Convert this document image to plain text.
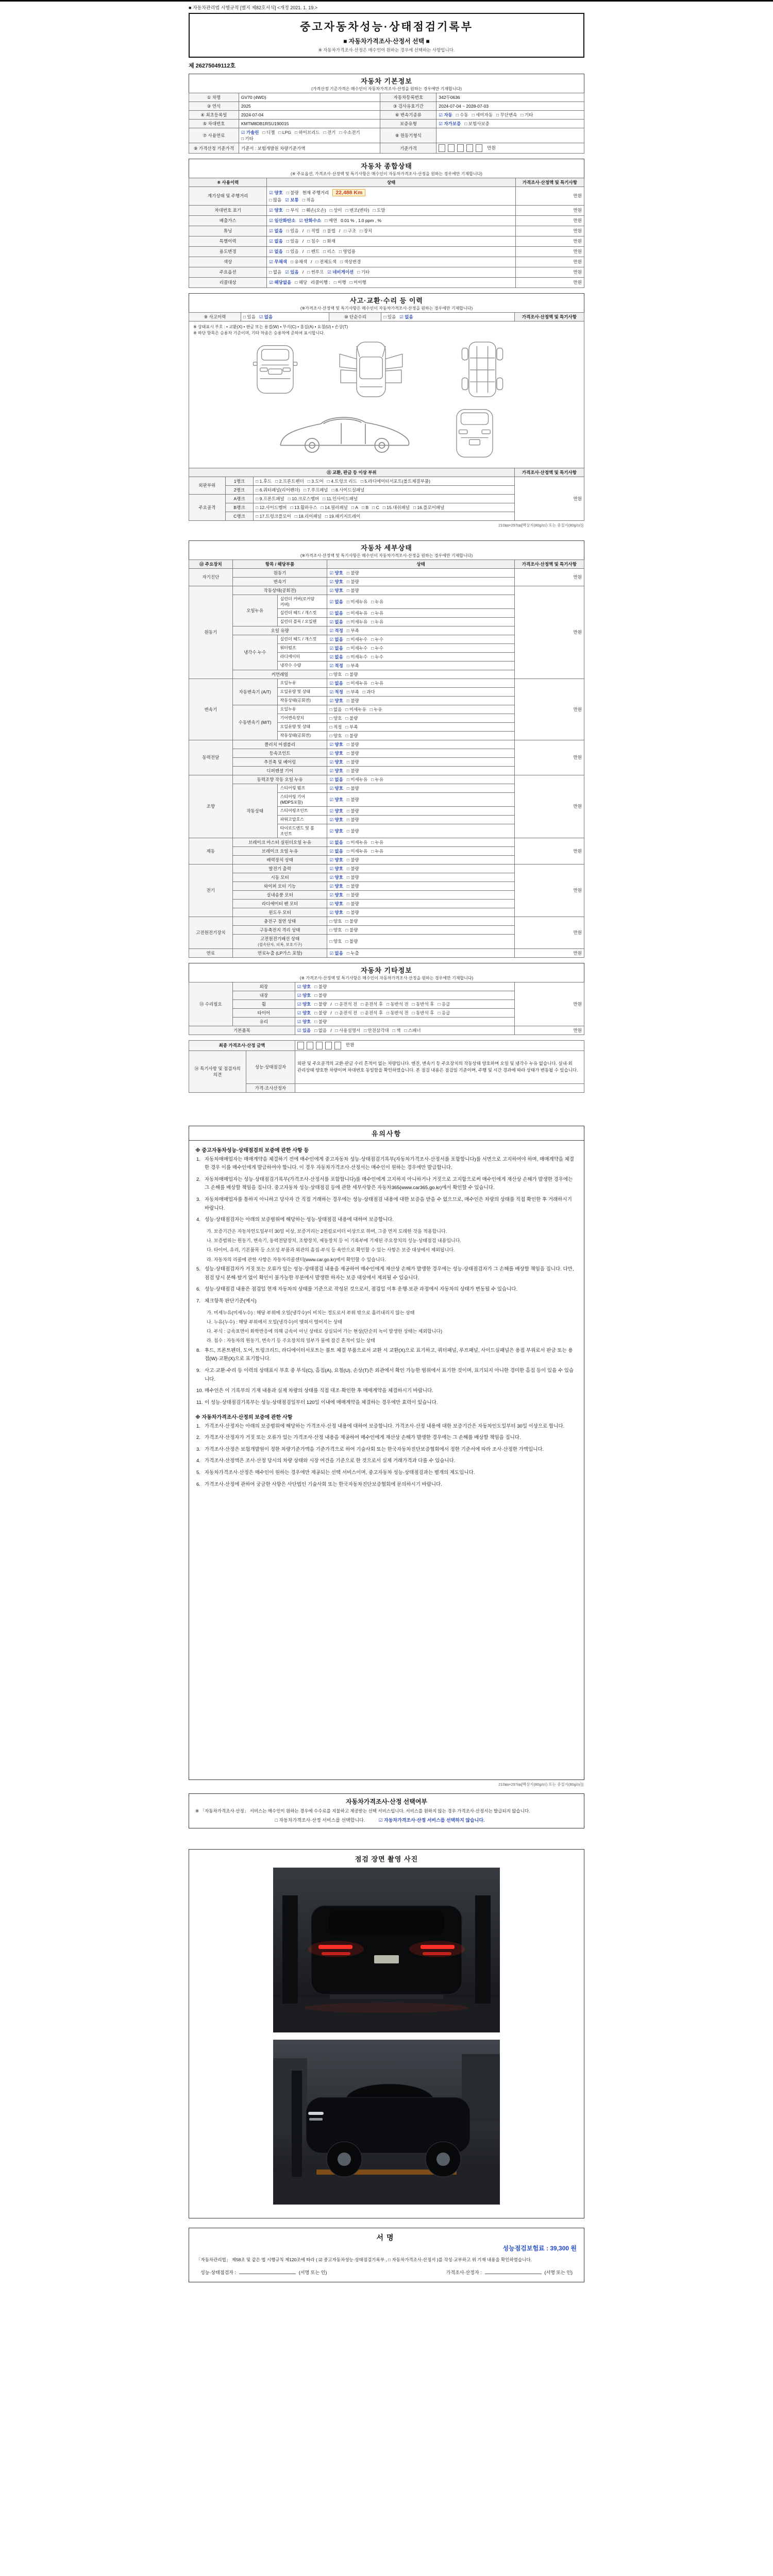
■ 자동차관리법 시행규칙 [별지 제82호서식] <개정 2021. 1. 19.>
중고자동차성능·상태점검기록부
■ 자동차가격조사·산정서 선택 ■
※ 자동차가격조사·산정은 매수인이 원하는 경우에 선택하는 사항입니다.
제 26275049112호
자동차 기본정보
(가격산정 기준가격은 매수인이 자동차가격조사·산정을 원하는 경우에만 기재합니다)
① 차명	GV70 (4WD)	자동차등록번호	342두0636
② 연식	2025	③ 검사유효기간	2024-07-04 ~ 2028-07-03
④ 최초등록일	2024-07-04	⑥ 변속기종류	☑ 자동 □ 수동 □ 세미자동 □ 무단변속 □ 기타
⑤ 차대번호	KMTM8DB1RSU190015	보증유형	☑ 자가보증 □ 보험사보증
⑦ 사용연료	☑ 가솔린 □ 디젤 □ LPG □ 하이브리드 □ 전기 □ 수소전기□ 기타	⑧ 원동기형식	
⑨ 가격산정 기준가격	기준서 : 보험개발원 차량기준가액	기준가격	만원
자동차 종합상태
(※ 주요옵션, 가격조사·산정액 및 특기사항은 매수인이 자동차가격조사·산정을 원하는 경우에만 기재합니다)
⑧ 사용이력	상태	가격조사·산정액 및 특기사항
계기상태 및 주행거리	☑ 양호 □ 불량 현재 주행거리 22,488 Km
□ 많음 ☑ 보통 □ 적음	만원
차대번호 표기	☑ 양호 □ 부식 □ 훼손(오손) □ 상이 □ 변조(변타) □ 도말	만원
배출가스	☑ 일산화탄소 ☑ 탄화수소 □ 매연 0.01 % , 1.0 ppm , %	만원
튜닝	☑ 없음 □ 있음 / □ 적법 □ 불법 / □ 구조 □ 장치	만원
특별이력	☑ 없음 □ 있음 / □ 침수 □ 화재	만원
용도변경	☑ 없음 □ 있음 / □ 렌트 □ 리스 □ 영업용	만원
색상	☑ 무채색 □ 유채색 / □ 전체도색 □ 색상변경	만원
주요옵션	□ 없음 ☑ 있음 / □ 썬루프 ☑ 네비게이션 □ 기타	만원
리콜대상	☑ 해당없음 □ 해당 리콜이행 : □ 이행 □ 미이행	만원
사고·교환·수리 등 이력
(※가격조사·산정액 및 특기사항은 매수인이 자동차가격조사·산정을 원하는 경우에만 기재합니다)
⑨ 사고이력	□ 있음 ☑ 없음	⑩ 단순수리	□ 있음 ☑ 없음	가격조사·산정액 및 특기사항
※ 상태표시 부호 : • 교환(X) • 판금 또는 용접(W) • 부식(C) • 흠집(A) • 요철(U) • 손상(T)
※ 하단 항목은 승용차 기준이며, 기타 차종은 승용차에 준하여 표시합니다.
⑪ 교환, 판금 등 이상 부위			가격조사·산정액 및 특기사항
외판부위	1랭크	□ 1.후드 □ 2.프론트펜더 □ 3.도어 □ 4.트렁크 리드 □ 5.라디에이터서포트(볼트체결부품)	만원
	2랭크	□ 6.쿼터패널(리어펜더) □ 7.루프패널 □ 8.사이드실패널	
주요골격	A랭크	□ 9.프론트패널 □ 10.크로스멤버 □ 11.인사이드패널	
	B랭크	□ 12.사이드멤버 □ 13.휠하우스 □ 14.필러패널 □ A □ B □ C □ 15.대쉬패널 □ 16.플로어패널	
	C랭크	□ 17.트렁크플로어 □ 18.리어패널 □ 19.패키지트레이	
210㎜×297㎜[백상지(80g/㎡) 또는 중질지(80g/㎡)]
자동차 세부상태
(※가격조사·산정액 및 특기사항은 매수인이 자동차가격조사·산정을 원하는 경우에만 기재합니다)
⑫ 주요장치	항목 / 해당부품		상태	가격조사·산정액 및 특기사항
자기진단	원동기		☑ 양호 □ 불량	만원
	변속기		☑ 양호 □ 불량	
원동기	작동상태(공회전)		☑ 양호 □ 불량	만원
	오일누유	실린더 커버(로커암 커버)	☑ 없음 □ 미세누유 □ 누유	
		실린더 헤드 / 개스킷	☑ 없음 □ 미세누유 □ 누유	
		실린더 블록 / 오일팬	☑ 없음 □ 미세누유 □ 누유	
	오일 유량		☑ 적정 □ 부족	
	냉각수 누수	실린더 헤드 / 개스킷	☑ 없음 □ 미세누수 □ 누수	
		워터펌프	☑ 없음 □ 미세누수 □ 누수	
		라디에이터	☑ 없음 □ 미세누수 □ 누수	
		냉각수 수량	☑ 적정 □ 부족	
	커먼레일		□ 양호 □ 불량	
변속기	자동변속기 (A/T)	오일누유	☑ 없음 □ 미세누유 □ 누유	만원
		오일유량 및 상태	☑ 적정 □ 부족 □ 과다	
		작동상태(공회전)	☑ 양호 □ 불량	
	수동변속기 (M/T)	오일누유	□ 없음 □ 미세누유 □ 누유	
		기어변속장치	□ 양호 □ 불량	
		오일유량 및 상태	□ 적정 □ 부족	
		작동상태(공회전)	□ 양호 □ 불량	
동력전달	클러치 어셈블리		☑ 양호 □ 불량	만원
	등속조인트		☑ 양호 □ 불량	
	추진축 및 베어링		☑ 양호 □ 불량	
	디퍼렌셜 기어		☑ 양호 □ 불량	
조향	동력조향 작동 오일 누유		☑ 없음 □ 미세누유 □ 누유	만원
	작동상태	스티어링 펌프	☑ 양호 □ 불량	
		스티어링 기어(MDPS포함)	☑ 양호 □ 불량	
		스티어링조인트	☑ 양호 □ 불량	
		파워고압호스	☑ 양호 □ 불량	
		타이로드엔드 및 볼 조인트	☑ 양호 □ 불량	
제동	브레이크 마스터 실린더오일 누유		☑ 없음 □ 미세누유 □ 누유	만원
	브레이크 오일 누유		☑ 없음 □ 미세누유 □ 누유	
	배력장치 상태		☑ 양호 □ 불량	
전기	발전기 출력		☑ 양호 □ 불량	만원
	시동 모터		☑ 양호 □ 불량	
	와이퍼 모터 기능		☑ 양호 □ 불량	
	실내송풍 모터		☑ 양호 □ 불량	
	라디에이터 팬 모터		☑ 양호 □ 불량	
	윈도우 모터		☑ 양호 □ 불량	
고전원전기장치	충전구 절연 상태		□ 양호 □ 불량	만원
	구동축전지 격리 상태		□ 양호 □ 불량	
	고전원전기배선 상태
(접속단자, 피복, 보호기구)		□ 양호 □ 불량	
연료	연료누출 (LP가스 포함)		☑ 없음 □ 누출	만원
자동차 기타정보
(※ 가격조사·산정액 및 특기사항은 매수인이 자동차가격조사·산정을 원하는 경우에만 기재합니다)
⑬ 수리필요	외장	☑ 양호 □ 불량	만원
	내장	☑ 양호 □ 불량	
	휠	☑ 양호 □ 불량 / □ 운전석 전 □ 운전석 후 □ 동반석 전 □ 동반석 후 □ 응급	
	타이어	☑ 양호 □ 불량 / □ 운전석 전 □ 운전석 후 □ 동반석 전 □ 동반석 후 □ 응급	
	유리	☑ 양호 □ 불량	
기본품목		☑ 있음 □ 없음 / □ 사용설명서 □ 안전삼각대 □ 잭 □ 스패너	만원
최종 가격조사·산정 금액	만원
⑭ 특기사항 및 점검자의 의견	성능·상태점검자	외판 및 주요골격의 교환·판금 수리 흔적이 없는 차량입니다. 엔진, 변속기 등 주요장치의 작동상태 양호하며 오일 및 냉각수 누유 없습니다. 실내·외 관리상태 양호한 차량이며 차대번호 동일함을 확인하였습니다. 본 점검 내용은 점검일 기준이며, 주행 및 시간 경과에 따라 상태가 변동될 수 있습니다.
	가격·조사산정자	
유의사항
※ 중고자동차성능·상태점검의 보증에 관한 사항 등
1. 자동차매매업자는 매매계약을 체결하기 전에 매수인에게 중고자동차 성능·상태점검기록부(자동차가격조사·산정서를 포함합니다)를 서면으로 고지하여야 하며, 매매계약을 체결한 경우 이를 매수인에게 발급하여야 합니다. 이 경우 자동차가격조사·산정서는 매수인이 원하는 경우에만 발급합니다.
2. 자동차매매업자는 성능·상태점검기록부(가격조사·산정서를 포함합니다)를 매수인에게 고지하지 아니하거나 거짓으로 고지함으로써 매수인에게 재산상 손해가 발생한 경우에는 그 손해를 배상할 책임을 집니다. 중고자동차 성능·상태점검 등에 관한 세부사항은 자동차365(www.car365.go.kr)에서 확인할 수 있습니다.
3. 자동차매매업자를 통하지 아니하고 당사자 간 직접 거래하는 경우에는 성능·상태점검 내용에 대한 보증을 받을 수 없으므로, 매수인은 차량의 상태를 직접 확인한 후 거래하시기 바랍니다.
4. 성능·상태점검자는 아래의 보증범위에 해당하는 성능·상태점검 내용에 대하여 보증합니다.
가. 보증기간은 자동차인도일부터 30일 이상, 보증거리는 2천킬로미터 이상으로 하며, 그중 먼저 도래한 것을 적용합니다.
나. 보증범위는 원동기, 변속기, 동력전달장치, 조향장치, 제동장치 등 이 기록부에 기재된 주요장치의 성능·상태점검 내용입니다.
다. 타이어, 유리, 기본품목 등 소모성 부품과 외관의 흠집·부식 등 육안으로 확인할 수 있는 사항은 보증 대상에서 제외됩니다.
라. 자동차의 리콜에 관한 사항은 자동차리콜센터(www.car.go.kr)에서 확인할 수 있습니다.
5. 성능·상태점검자가 거짓 또는 오류가 있는 성능·상태점검 내용을 제공하여 매수인에게 재산상 손해가 발생한 경우에는 성능·상태점검자가 그 손해를 배상할 책임을 집니다. 다만, 점검 당시 분해·탈거 없이 확인이 불가능한 부분에서 발생한 하자는 보증 대상에서 제외될 수 있습니다.
6. 성능·상태점검 내용은 점검일 현재 자동차의 상태를 기준으로 작성된 것으로서, 점검일 이후 운행·보관 과정에서 자동차의 상태가 변동될 수 있습니다.
7. 체크항목 판단기준(예시)
가. 미세누유(미세누수) : 해당 부위에 오일(냉각수)이 비치는 정도로서 부위 밖으로 흘러내리지 않는 상태
나. 누유(누수) : 해당 부위에서 오일(냉각수)이 맺혀서 떨어지는 상태
다. 부식 : 금속표면이 화학반응에 의해 금속이 아닌 상태로 상실되어 가는 현상(단순히 녹이 발생한 상태는 제외합니다)
라. 침수 : 자동차의 원동기, 변속기 등 주요장치의 일부가 물에 잠긴 흔적이 있는 상태
8. 후드, 프론트펜더, 도어, 트렁크리드, 라디에이터서포트는 볼트 체결 부품으로서 교환 시 교환(X)으로 표기하고, 쿼터패널, 루프패널, 사이드실패널은 용접 부위로서 판금 또는 용접(W)·교환(X)으로 표기합니다.
9. 사고·교환·수리 등 이력의 상태표시 부호 중 부식(C), 흠집(A), 요철(U), 손상(T)은 외관에서 확인 가능한 범위에서 표기한 것이며, 표기되지 아니한 경미한 흠집 등이 있을 수 있습니다.
10. 매수인은 이 기록부의 기재 내용과 실제 차량의 상태를 직접 대조·확인한 후 매매계약을 체결하시기 바랍니다.
11. 이 성능·상태점검기록부는 성능·상태점검일부터 120일 이내에 매매계약을 체결하는 경우에만 효력이 있습니다.
※ 자동차가격조사·산정의 보증에 관한 사항
1. 가격조사·산정자는 아래의 보증범위에 해당하는 가격조사·산정 내용에 대하여 보증합니다. 가격조사·산정 내용에 대한 보증기간은 자동차인도일부터 30일 이상으로 합니다.
2. 가격조사·산정자가 거짓 또는 오류가 있는 가격조사·산정 내용을 제공하여 매수인에게 재산상 손해가 발생한 경우에는 그 손해를 배상할 책임을 집니다.
3. 가격조사·산정은 보험개발원이 정한 차량기준가액을 기준가격으로 하여 기술사회 또는 한국자동차진단보증협회에서 정한 기준서에 따라 조사·산정한 가액입니다.
4. 가격조사·산정액은 조사·산정 당시의 차량 상태와 시장 여건을 기준으로 한 것으로서 실제 거래가격과 다를 수 있습니다.
5. 자동차가격조사·산정은 매수인이 원하는 경우에만 제공되는 선택 서비스이며, 중고자동차 성능·상태점검과는 별개의 제도입니다.
6. 가격조사·산정에 관하여 궁금한 사항은 사단법인 기술사회 또는 한국자동차진단보증협회에 문의하시기 바랍니다.
210㎜×297㎜[백상지(80g/㎡) 또는 중질지(80g/㎡)]
자동차가격조사·산정 선택여부
※ 「자동차가격조사·산정」 서비스는 매수인이 원하는 경우에 수수료를 지불하고 제공받는 선택 서비스입니다. 서비스를 원하지 않는 경우 가격조사·산정서는 발급되지 않습니다.
□ 자동차가격조사·산정 서비스를 선택합니다.	☑ 자동차가격조사·산정 서비스를 선택하지 않습니다.
점검 장면 촬영 사진
서명
성능점검보험료 : 39,300 원
「자동차관리법」 제58조 및 같은 법 시행규칙 제120조에 따라 ( ☑ 중고자동차성능·상태점검기록부 , □ 자동차가격조사·산정서 )를 작성·교부하고 위 기재 내용을 확인하였습니다.
성능·상태점검자 :	(서명 또는 인)	가격조사·산정자 :	(서명 또는 인)
